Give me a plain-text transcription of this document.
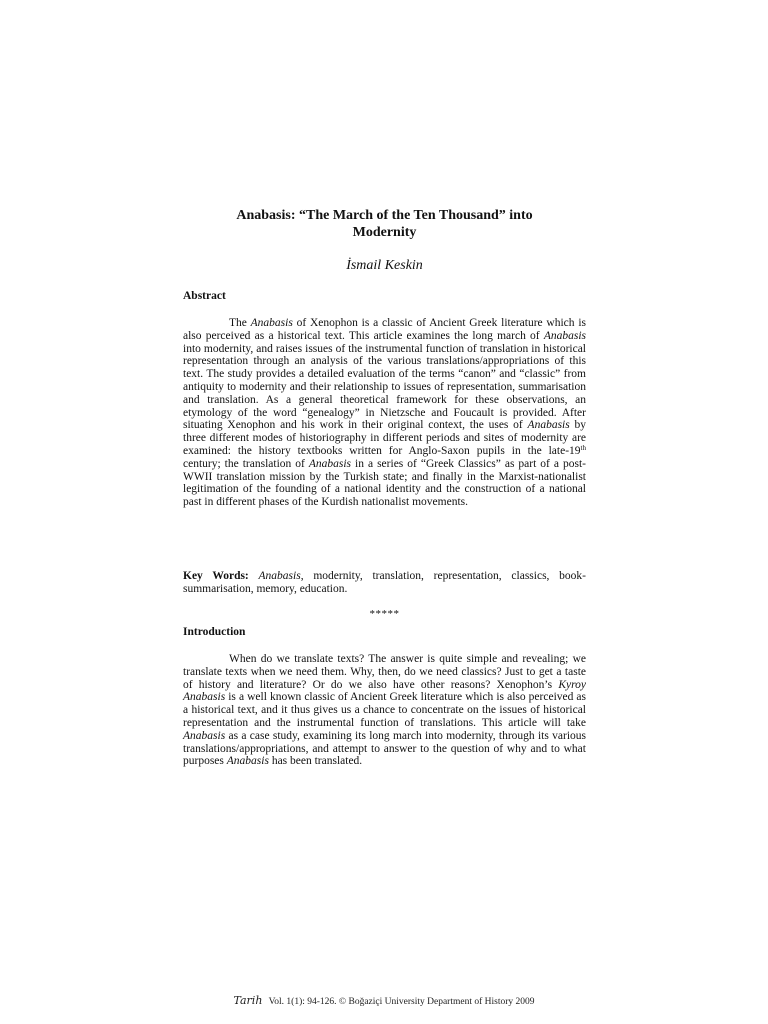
Anabasis: “The March of the Ten Thousand” into
Modernity
İsmail Keskin
Abstract
The Anabasis of Xenophon is a classic of Ancient Greek literature which is also perceived as a historical text. This article examines the long march of Anabasis into modernity, and raises issues of the instrumental function of translation in historical representation through an analysis of the various translations/appropriations of this text. The study provides a detailed evaluation of the terms “canon” and “classic” from antiquity to modernity and their relationship to issues of representation, summarisation and translation. As a general theoretical framework for these observations, an etymology of the word “genealogy” in Nietzsche and Foucault is provided. After situating Xenophon and his work in their original context, the uses of Anabasis by three different modes of historiography in different periods and sites of modernity are examined: the history textbooks written for Anglo-Saxon pupils in the late-19th century; the translation of Anabasis in a series of “Greek Classics” as part of a post-WWII translation mission by the Turkish state; and finally in the Marxist-nationalist legitimation of the founding of a national identity and the construction of a national past in different phases of the Kurdish nationalist movements.
Key Words: Anabasis, modernity, translation, representation, classics, book-summarisation, memory, education.
*****
Introduction
When do we translate texts? The answer is quite simple and revealing; we translate texts when we need them. Why, then, do we need classics? Just to get a taste of history and literature? Or do we also have other reasons? Xenophon’s Kyroy Anabasis is a well known classic of Ancient Greek literature which is also perceived as a historical text, and it thus gives us a chance to concentrate on the issues of historical representation and the instrumental function of translations. This article will take Anabasis as a case study, examining its long march into modernity, through its various translations/appropriations, and attempt to answer to the question of why and to what purposes Anabasis has been translated.
Tarih Vol. 1(1): 94-126. © Boğaziçi University Department of History 2009
